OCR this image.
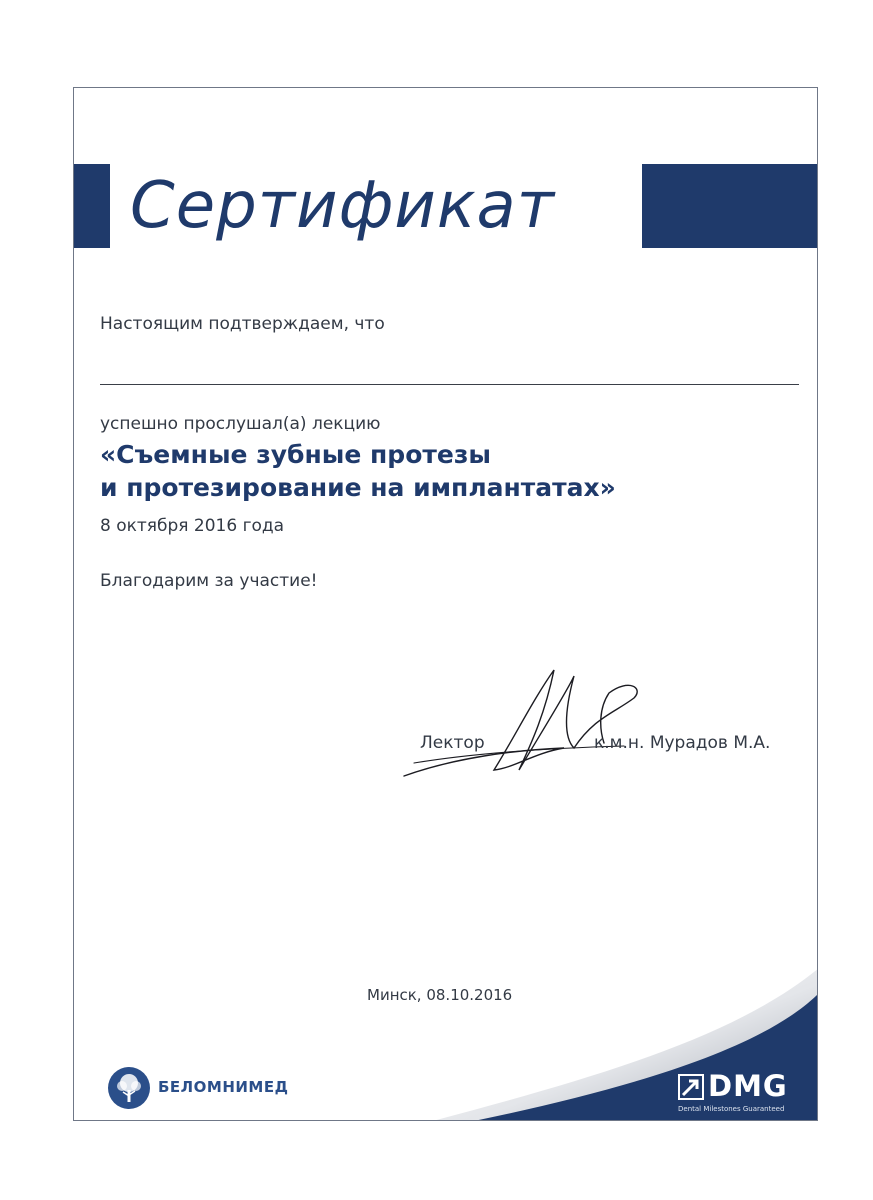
Сертификат
Настоящим подтверждаем, что
успешно прослушал(а) лекцию
«Съемные зубные протезы
и протезирование на имплантатах»
8 октября 2016 года
Благодарим за участие!
Лектор	к.м.н. Мурадов М.А.
Минск, 08.10.2016
БЕЛОМНИМЕД	DMG
Dental Milestones Guaranteed
